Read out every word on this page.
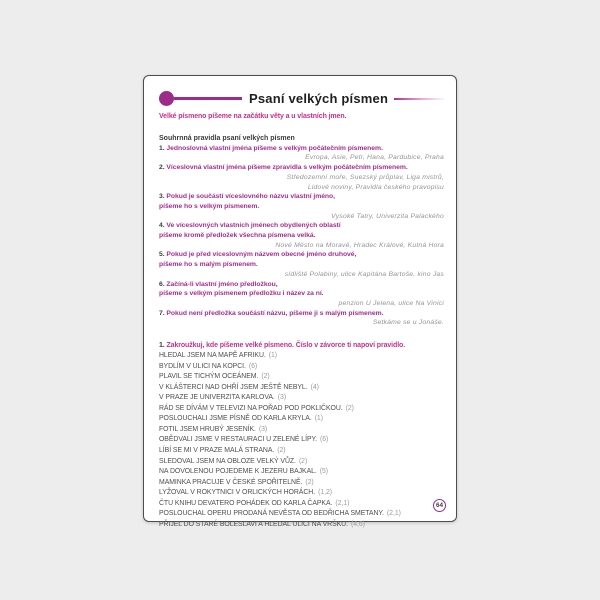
Psaní velkých písmen
Velké písmeno píšeme na začátku věty a u vlastních jmen.
Souhrnná pravidla psaní velkých písmen
1. Jednoslovná vlastní jména píšeme s velkým počátečním písmenem.
Evropa, Asie, Petr, Hana, Pardubice, Praha
2. Víceslovná vlastní jména píšeme zpravidla s velkým počátečním písmenem.
Středozemní moře, Suezský průplav, Liga mistrů,
Lidové noviny, Pravidla českého pravopisu
3. Pokud je součástí víceslovného názvu vlastní jméno,
píšeme ho s velkým písmenem.
Vysoké Tatry, Univerzita Palackého
4. Ve víceslovných vlastních jménech obydlených oblastí
píšeme kromě předložek všechna písmena velká.
Nové Město na Moravě, Hradec Králové, Kutná Hora
5. Pokud je před víceslovným názvem obecné jméno druhové,
píšeme ho s malým písmenem.
sídliště Polabiny, ulice Kapitána Bartoše, kino Jas
6. Začíná-li vlastní jméno předložkou,
píšeme s velkým písmenem předložku i název za ní.
penzion U Jelena, ulice Na Vinici
7. Pokud není předložka součástí názvu, píšeme ji s malým písmenem.
Setkáme se u Jonáše.
1. Zakroužkuj, kde píšeme velké písmeno. Číslo v závorce ti napoví pravidlo.
HLEDAL JSEM NA MAPĚ AFRIKU. (1)
BYDLÍM V ULICI NA KOPCI. (6)
PLAVIL SE TICHÝM OCEÁNEM. (2)
V KLÁŠTERCI NAD OHŘÍ JSEM JEŠTĚ NEBYL. (4)
V PRAZE JE UNIVERZITA KARLOVA. (3)
RÁD SE DÍVÁM V TELEVIZI NA POŘAD POD POKLIČKOU. (2)
POSLOUCHALI JSME PÍSNĚ OD KARLA KRYLA. (1)
FOTIL JSEM HRUBÝ JESENÍK. (3)
OBĚDVALI JSME V RESTAURACI U ZELENÉ LÍPY. (6)
LÍBÍ SE MI V PRAZE MALÁ STRANA. (2)
SLEDOVAL JSEM NA OBLOZE VELKÝ VŮZ. (2)
NA DOVOLENOU POJEDEME K JEZERU BAJKAL. (5)
MAMINKA PRACUJE V ČESKÉ SPOŘITELNĚ. (2)
LYŽOVAL V ROKYTNICI V ORLICKÝCH HORÁCH. (1,2)
ČTU KNIHU DEVATERO POHÁDEK OD KARLA ČAPKA. (2,1)
POSLOUCHAL OPERU PRODANÁ NEVĚSTA OD BEDŘICHA SMETANY. (2,1)
PŘIJEL DO STARÉ BOLESLAVI A HLEDAL ULICI NA VRŠKU. (4,6)
64
